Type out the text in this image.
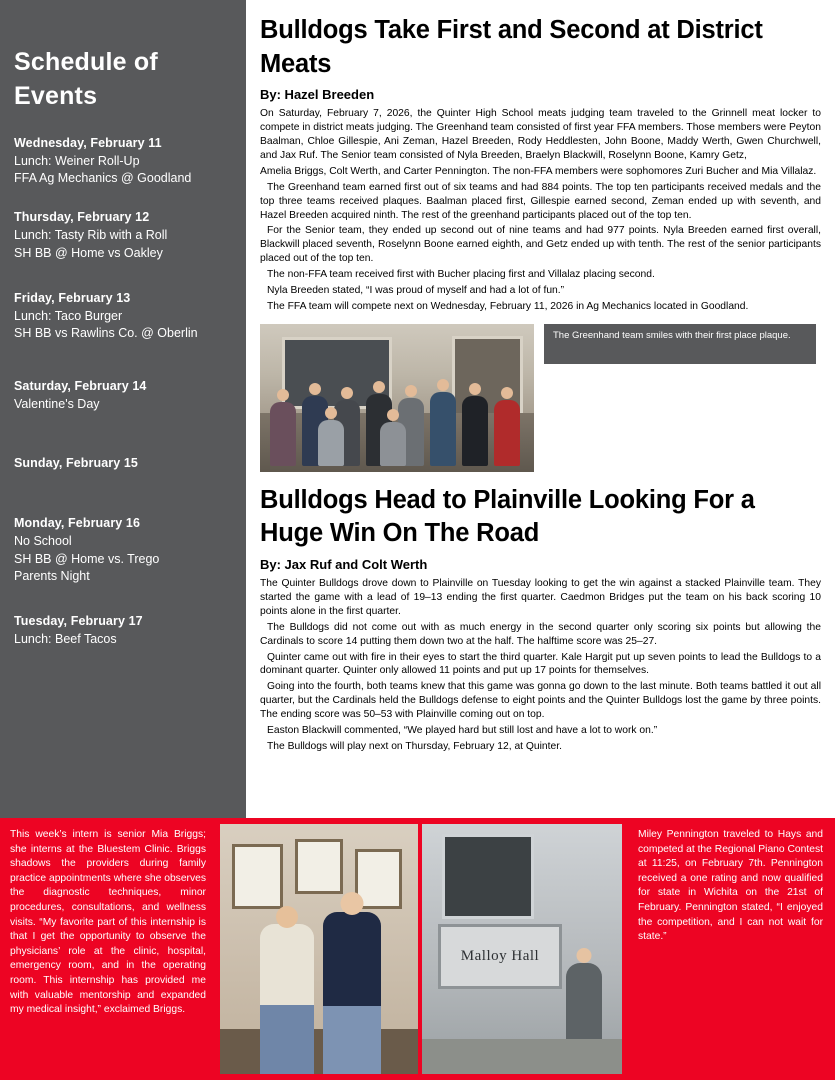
Schedule of Events
Wednesday, February 11
Lunch: Weiner Roll-Up
FFA Ag Mechanics @ Goodland
Thursday, February 12
Lunch: Tasty Rib with a Roll
SH BB @ Home vs Oakley
Friday, February 13
Lunch: Taco Burger
SH BB vs Rawlins Co. @ Oberlin
Saturday, February 14
Valentine's Day
Sunday, February 15
Monday, February 16
No School
SH BB @ Home vs. Trego
Parents Night
Tuesday, February 17
Lunch: Beef Tacos
Bulldogs Take First and Second at District Meats
By: Hazel Breeden

On Saturday, February 7, 2026, the Quinter High School meats judging team traveled to the Grinnell meat locker to compete in district meats judging. The Greenhand team consisted of first year FFA members. Those members were Peyton Baalman, Chloe Gillespie, Ani Zeman, Hazel Breeden, Rody Heddlesten, John Boone, Maddy Werth, Gwen Churchwell, and Jax Ruf. The Senior team consisted of Nyla Breeden, Braelyn Blackwill, Roselynn Boone, Kamry Getz,

Amelia Briggs, Colt Werth, and Carter Pennington. The non-FFA members were sophomores Zuri Bucher and Mia Villalaz.

The Greenhand team earned first out of six teams and had 884 points. The top ten participants received medals and the top three teams received plaques. Baalman placed first, Gillespie earned second, Zeman ended up with seventh, and Hazel Breeden acquired ninth. The rest of the greenhand participants placed out of the top ten.

For the Senior team, they ended up second out of nine teams and had 977 points. Nyla Breeden earned first overall, Blackwill placed seventh, Roselynn Boone earned eighth, and Getz ended up with tenth. The rest of the senior participants placed out of the top ten.

The non-FFA team received first with Bucher placing first and Villalaz placing second.

Nyla Breeden stated, “I was proud of myself and had a lot of fun.”

The FFA team will compete next on Wednesday, February 11, 2026 in Ag Mechanics located in Goodland.

The Greenhand team smiles with their first place plaque.
Bulldogs Head to Plainville Looking For a Huge Win On The Road
By: Jax Ruf and Colt Werth

The Quinter Bulldogs drove down to Plainville on Tuesday looking to get the win against a stacked Plainville team. They started the game with a lead of 19–13 ending the first quarter. Caedmon Bridges put the team on his back scoring 10 points alone in the first quarter.

The Bulldogs did not come out with as much energy in the second quarter only scoring six points but allowing the Cardinals to score 14 putting them down two at the half. The halftime score was 25–27.

Quinter came out with fire in their eyes to start the third quarter. Kale Hargit put up seven points to lead the Bulldogs to a dominant quarter. Quinter only allowed 11 points and put up 17 points for themselves.

Going into the fourth, both teams knew that this game was gonna go down to the last minute. Both teams battled it out all quarter, but the Cardinals held the Bulldogs defense to eight points and the Quinter Bulldogs lost the game by three points. The ending score was 50–53 with Plainville coming out on top.

Easton Blackwill commented, “We played hard but still lost and have a lot to work on.”

The Bulldogs will play next on Thursday, February 12, at Quinter.

This week’s intern is senior Mia Briggs; she interns at the Bluestem Clinic. Briggs shadows the providers during family practice appointments where she observes the diagnostic techniques, minor procedures, consultations, and wellness visits. “My favorite part of this internship is that I get the opportunity to observe the physicians’ role at the clinic, hospital, emergency room, and in the operating room. This internship has provided me with valuable mentorship and expanded my medical insight,” exclaimed Briggs.
Malloy Hall
Miley Pennington traveled to Hays and competed at the Regional Piano Contest at 11:25, on February 7th. Pennington received a one rating and now qualified for state in Wichita on the 21st of February. Pennington stated, “I enjoyed the competition, and I can not wait for state.”
